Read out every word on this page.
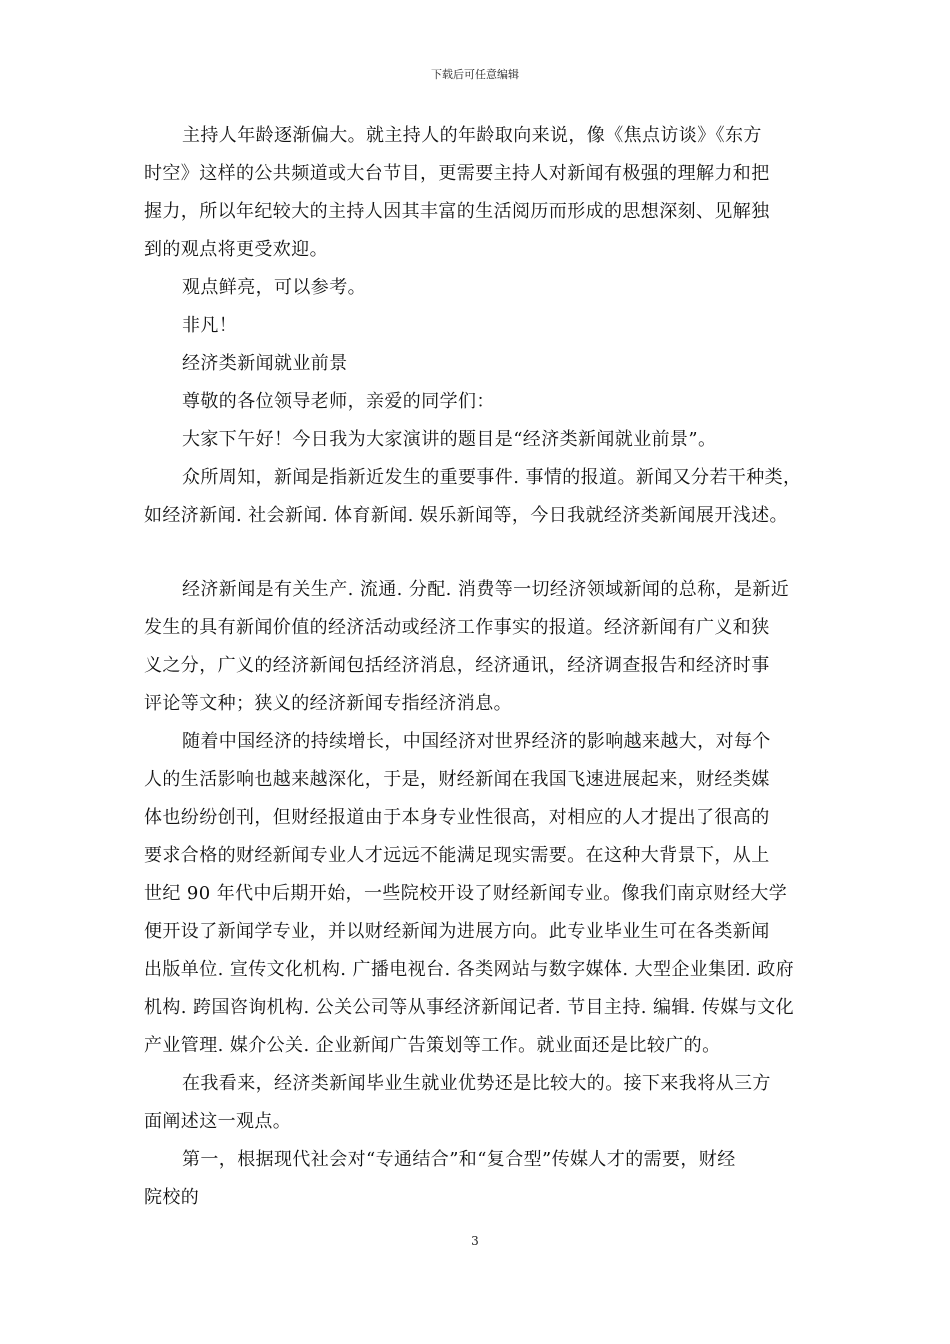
下载后可任意编辑
主持人年龄逐渐偏大。就主持人的年龄取向来说，像《焦点访谈》《东方
时空》这样的公共频道或大台节目，更需要主持人对新闻有极强的理解力和把
握力，所以年纪较大的主持人因其丰富的生活阅历而形成的思想深刻、见解独
到的观点将更受欢迎。
观点鲜亮，可以参考。
非凡！
经济类新闻就业前景
尊敬的各位领导老师，亲爱的同学们：
大家下午好！今日我为大家演讲的题目是“经济类新闻就业前景”。
众所周知，新闻是指新近发生的重要事件. 事情的报道。新闻又分若干种类，
如经济新闻. 社会新闻. 体育新闻. 娱乐新闻等，今日我就经济类新闻展开浅述。
经济新闻是有关生产. 流通. 分配. 消费等一切经济领域新闻的总称，是新近
发生的具有新闻价值的经济活动或经济工作事实的报道。经济新闻有广义和狭
义之分，广义的经济新闻包括经济消息，经济通讯，经济调查报告和经济时事
评论等文种；狭义的经济新闻专指经济消息。
随着中国经济的持续增长，中国经济对世界经济的影响越来越大，对每个
人的生活影响也越来越深化，于是，财经新闻在我国飞速进展起来，财经类媒
体也纷纷创刊，但财经报道由于本身专业性很高，对相应的人才提出了很高的
要求合格的财经新闻专业人才远远不能满足现实需要。在这种大背景下，从上
世纪 90 年代中后期开始，一些院校开设了财经新闻专业。像我们南京财经大学
便开设了新闻学专业，并以财经新闻为进展方向。此专业毕业生可在各类新闻
出版单位. 宣传文化机构. 广播电视台. 各类网站与数字媒体. 大型企业集团. 政府
机构. 跨国咨询机构. 公关公司等从事经济新闻记者. 节目主持. 编辑. 传媒与文化
产业管理. 媒介公关. 企业新闻广告策划等工作。就业面还是比较广的。
在我看来，经济类新闻毕业生就业优势还是比较大的。接下来我将从三方
面阐述这一观点。
第一，根据现代社会对“专通结合”和“复合型”传媒人才的需要，财经
院校的
3
